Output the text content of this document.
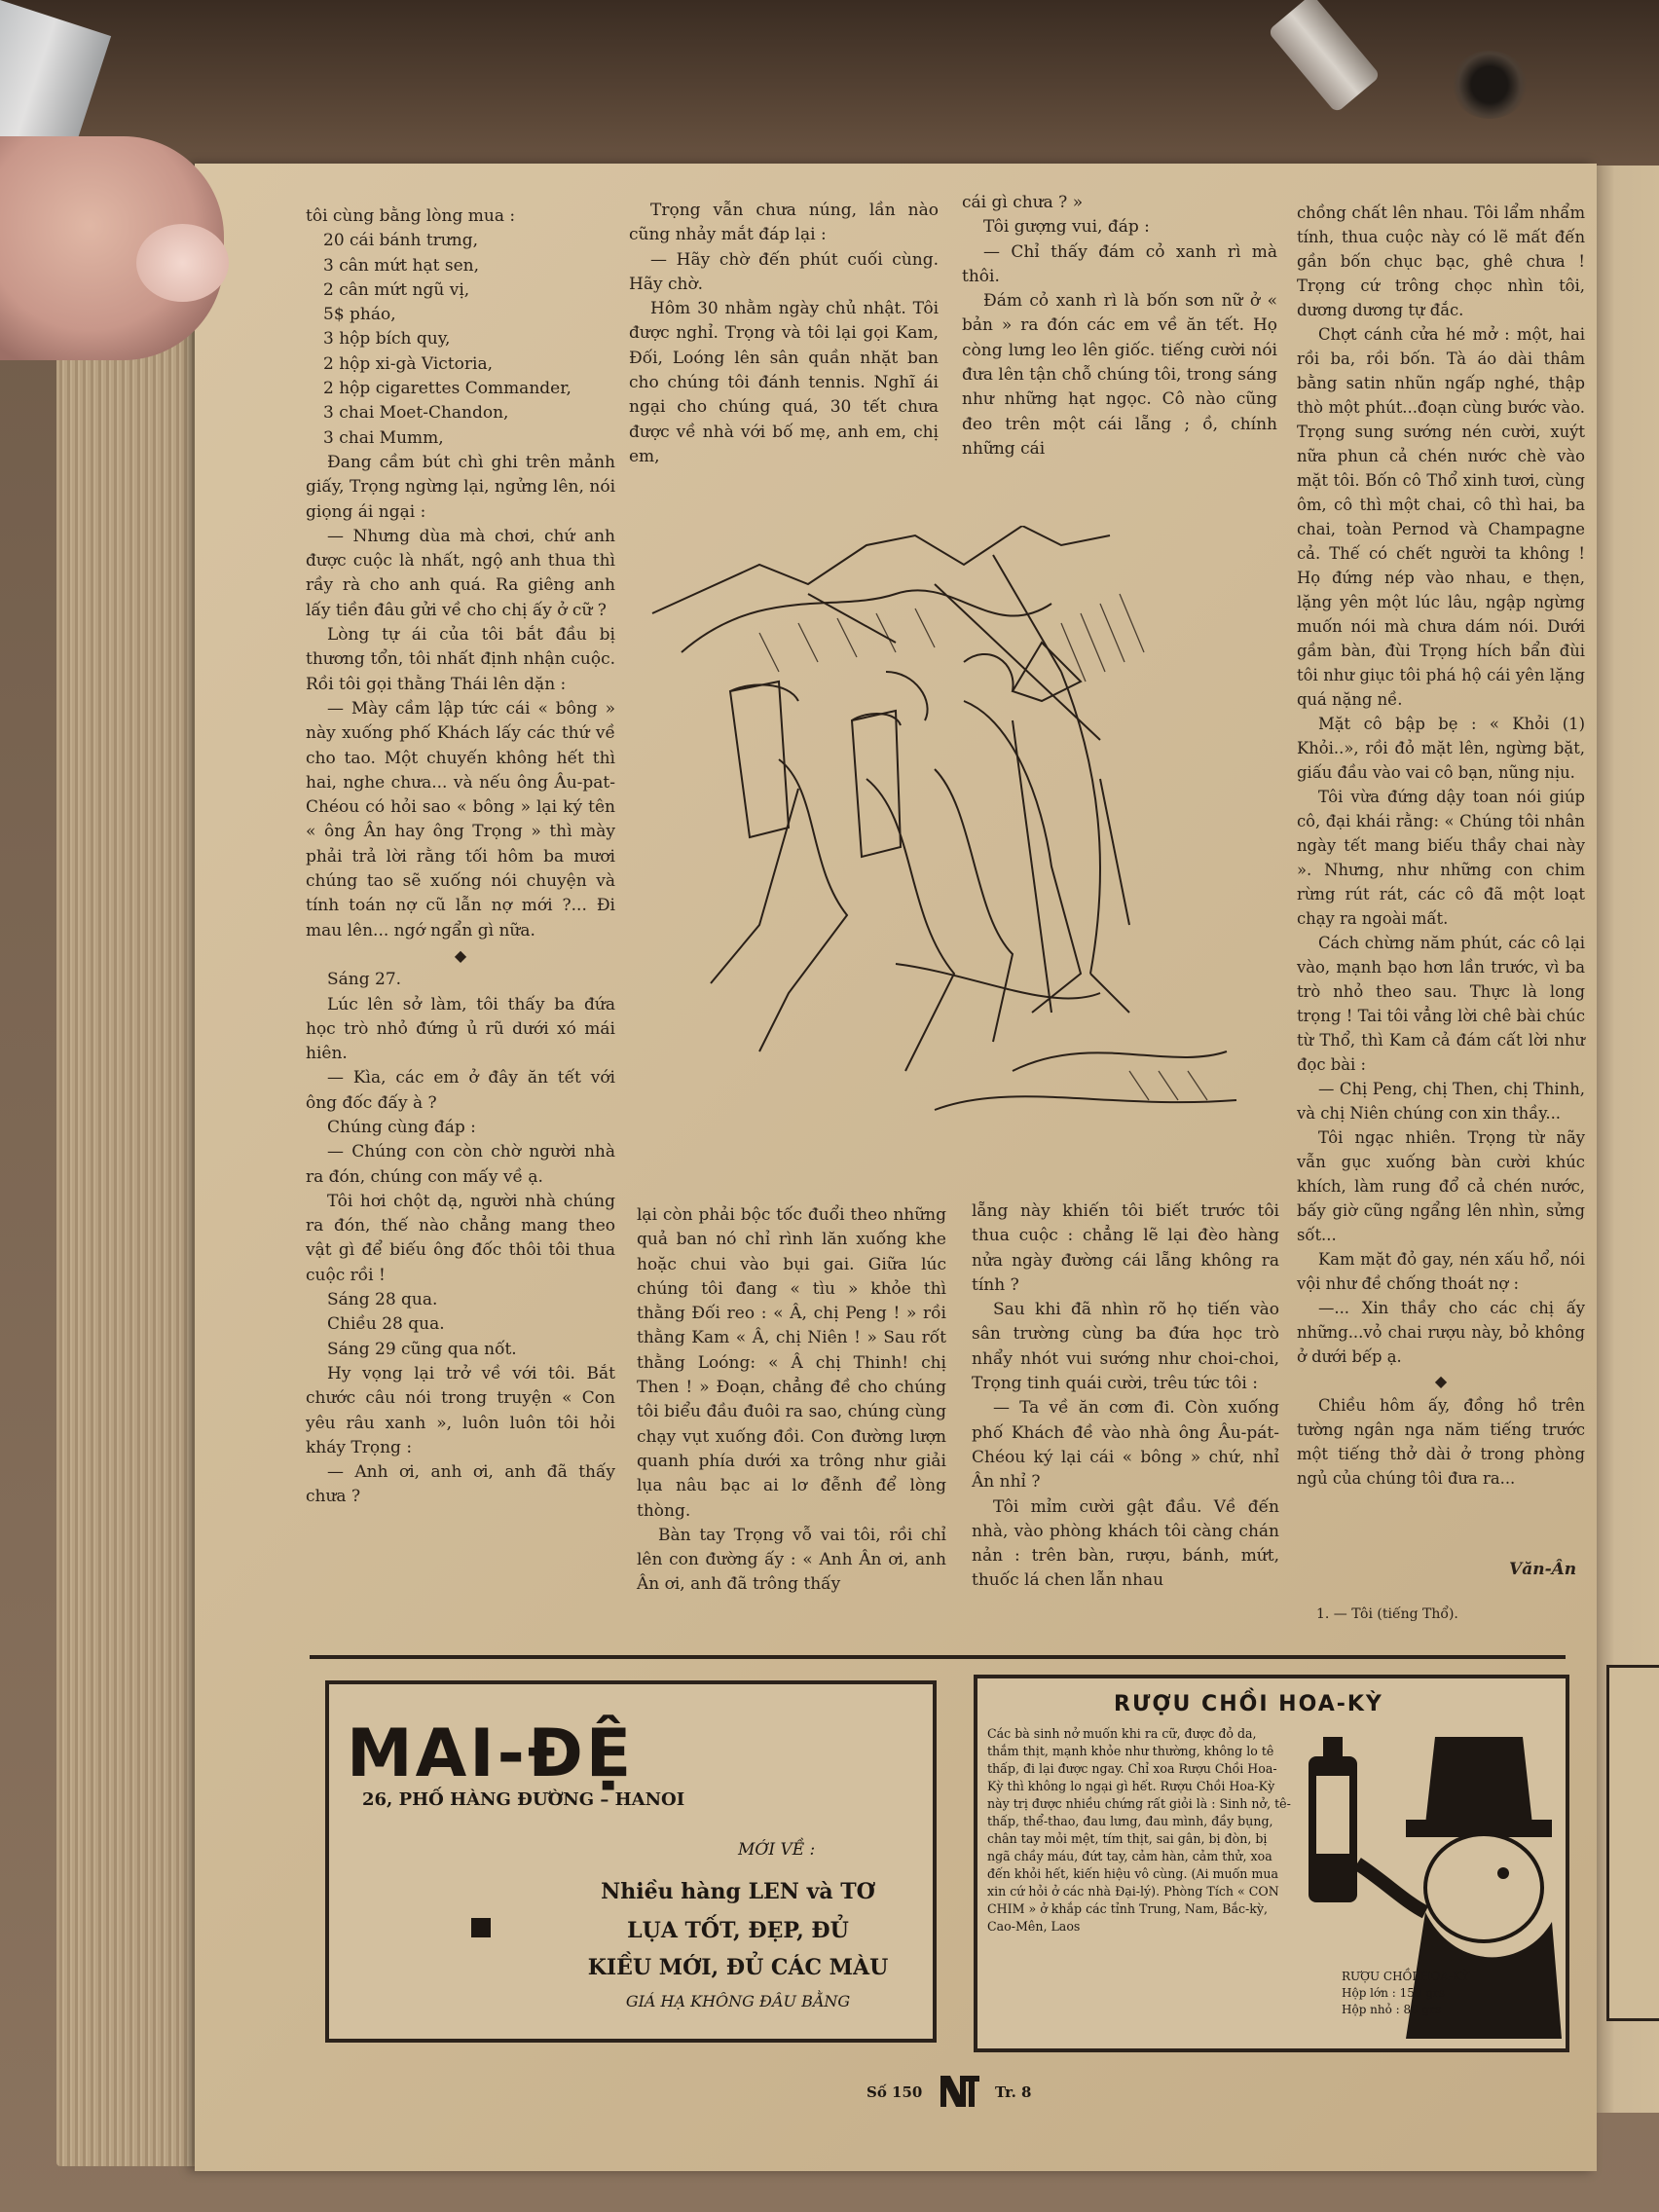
tôi cùng bằng lòng mua :

20 cái bánh trưng,

3 cân mứt hạt sen,

2 cân mứt ngũ vị,

5$ pháo,

3 hộp bích quy,

2 hộp xi-gà Victoria,

2 hộp cigarettes Commander,

3 chai Moet-Chandon,

3 chai Mumm,

Đang cầm bút chì ghi trên mảnh giấy, Trọng ngừng lại, ngửng lên, nói giọng ái ngại :

— Nhưng dùa mà chơi, chứ anh được cuộc là nhất, ngộ anh thua thì rầy rà cho anh quá. Ra giêng anh lấy tiền đâu gửi về cho chị ấy ở cữ ?

Lòng tự ái của tôi bắt đầu bị thương tổn, tôi nhất định nhận cuộc. Rồi tôi gọi thằng Thái lên dặn :

— Mày cầm lập tức cái « bông » này xuống phố Khách lấy các thứ về cho tao. Một chuyến không hết thì hai, nghe chưa... và nếu ông Âu-pat-Chéou có hỏi sao « bông » lại ký tên « ông Ân hay ông Trọng » thì mày phải trả lời rằng tối hôm ba mươi chúng tao sẽ xuống nói chuyện và tính toán nợ cũ lẫn nợ mới ?... Đi mau lên... ngớ ngẩn gì nữa.

◆

Sáng 27.

Lúc lên sở làm, tôi thấy ba đứa học trò nhỏ đứng ủ rũ dưới xó mái hiên.

— Kìa, các em ở đây ăn tết với ông đốc đấy à ?

Chúng cùng đáp :

— Chúng con còn chờ người nhà ra đón, chúng con mấy về ạ.

Tôi hơi chột dạ, người nhà chúng ra đón, thế nào chẳng mang theo vật gì để biếu ông đốc thôi tôi thua cuộc rồi !

Sáng 28 qua.

Chiều 28 qua.

Sáng 29 cũng qua nốt.

Hy vọng lại trở về với tôi. Bắt chước câu nói trong truyện « Con yêu râu xanh », luôn luôn tôi hỏi kháy Trọng :

— Anh ơi, anh ơi, anh đã thấy chưa ?

Trọng vẫn chưa núng, lần nào cũng nhảy mắt đáp lại :

— Hãy chờ đến phút cuối cùng. Hãy chờ.

Hôm 30 nhằm ngày chủ nhật. Tôi được nghỉ. Trọng và tôi lại gọi Kam, Đối, Loóng lên sân quần nhặt ban cho chúng tôi đánh tennis. Nghĩ ái ngại cho chúng quá, 30 tết chưa được về nhà với bố mẹ, anh em, chị em,

cái gì chưa ? »

Tôi gượng vui, đáp :

— Chỉ thấy đám cỏ xanh rì mà thôi.

Đám cỏ xanh rì là bốn sơn nữ ở « bản » ra đón các em về ăn tết. Họ còng lưng leo lên giốc. tiếng cười nói đưa lên tận chỗ chúng tôi, trong sáng như những hạt ngọc. Cô nào cũng đeo trên một cái lẵng ; ồ, chính những cái

lại còn phải bộc tốc đuổi theo những quả ban nó chỉ rình lăn xuống khe hoặc chui vào bụi gai. Giữa lúc chúng tôi đang « tìu » khỏe thì thằng Đối reo : « Â, chị Peng ! » rồi thằng Kam « Â, chị Niên ! » Sau rốt thằng Loóng: « Â chị Thinh! chị Then ! » Đoạn, chẳng đề cho chúng tôi biểu đầu đuôi ra sao, chúng cùng chạy vụt xuống đồi. Con đường lượn quanh phía dưới xa trông như giải lụa nâu bạc ai lơ đễnh để lòng thòng.

Bàn tay Trọng vỗ vai tôi, rồi chỉ lên con đường ấy : « Anh Ân ơi, anh Ân ơi, anh đã trông thấy

lẵng này khiến tôi biết trước tôi thua cuộc : chẳng lẽ lại đèo hàng nửa ngày đường cái lẵng không ra tính ?

Sau khi đã nhìn rõ họ tiến vào sân trường cùng ba đứa học trò nhẩy nhót vui sướng như choi-choi, Trọng tinh quái cười, trêu tức tôi :

— Ta về ăn cơm đi. Còn xuống phố Khách đề vào nhà ông Âu-pát-Chéou ký lại cái « bông » chứ, nhỉ Ân nhỉ ?

Tôi mỉm cười gật đầu. Về đến nhà, vào phòng khách tôi càng chán nản : trên bàn, rượu, bánh, mứt, thuốc lá chen lẫn nhau

chồng chất lên nhau. Tôi lẩm nhẩm tính, thua cuộc này có lẽ mất đến gần bốn chục bạc, ghê chưa ! Trọng cứ trông chọc nhìn tôi, dương dương tự đắc.

Chợt cánh cửa hé mở : một, hai rồi ba, rồi bốn. Tà áo dài thâm bằng satin nhũn ngấp nghé, thập thò một phút...đoạn cùng bước vào. Trọng sung sướng nén cười, xuýt nữa phun cả chén nước chè vào mặt tôi. Bốn cô Thổ xinh tươi, cùng ôm, cô thì một chai, cô thì hai, ba chai, toàn Pernod và Champagne cả. Thế có chết người ta không ! Họ đứng nép vào nhau, e thẹn, lặng yên một lúc lâu, ngập ngừng muốn nói mà chưa dám nói. Dưới gầm bàn, đùi Trọng hích bẩn đùi tôi như giục tôi phá hộ cái yên lặng quá nặng nề.

Mặt cô bập bẹ : « Khỏi (1) Khỏi..», rồi đỏ mặt lên, ngừng bặt, giấu đầu vào vai cô bạn, nũng nịu.

Tôi vừa đứng dậy toan nói giúp cô, đại khái rằng: « Chúng tôi nhân ngày tết mang biếu thầy chai này ». Nhưng, như những con chim rừng rút rát, các cô đã một loạt chạy ra ngoài mất.

Cách chừng năm phút, các cô lại vào, mạnh bạo hơn lần trước, vì ba trò nhỏ theo sau. Thực là long trọng ! Tai tôi vẳng lời chê bài chúc từ Thổ, thì Kam cả đám cất lời như đọc bài :

— Chị Peng, chị Then, chị Thinh, và chị Niên chúng con xin thầy...

Tôi ngạc nhiên. Trọng từ nãy vẫn gục xuống bàn cười khúc khích, làm rung đổ cả chén nước, bấy giờ cũng ngẩng lên nhìn, sửng sốt...

Kam mặt đỏ gay, nén xấu hổ, nói vội như đề chống thoát nợ :

—... Xin thầy cho các chị ấy những...vỏ chai rượu này, bỏ không ở dưới bếp ạ.

◆

Chiều hôm ấy, đồng hồ trên tường ngân nga năm tiếng trước một tiếng thở dài ở trong phòng ngủ của chúng tôi đưa ra...

Văn-Ân
1. — Tôi (tiếng Thổ).
MAI-ĐỆ
26, PHỐ HÀNG ĐƯỜNG – HANOI
MỚI VỀ :
Nhiều hàng LEN và TƠ
LỤA TỐT, ĐẸP, ĐỦ
KIỀU MỚI, ĐỦ CÁC MÀU
GIÁ HẠ KHÔNG ĐÂU BẰNG
RƯỢU CHỒI HOA-KỲ
Các bà sinh nở muốn khi ra cữ, được đỏ da, thắm thịt, mạnh khỏe như thường, không lo tê thấp, đi lại được ngay. Chỉ xoa Rượu Chồi Hoa-Kỳ thì không lo ngại gì hết. Rượu Chồi Hoa-Kỳ này trị được nhiều chứng rất giỏi là : Sinh nở, tê-thấp, thể-thao, đau lưng, đau mình, đầy bụng, chân tay mỏi mệt, tím thịt, sai gân, bị đòn, bị ngã chầy máu, đứt tay, cảm hàn, cảm thử, xoa đến khỏi hết, kiến hiệu vô cùng. (Ai muốn mua xin cứ hỏi ở các nhà Đại-lý). Phòng Tích « CON CHIM » ở khắp các tỉnh Trung, Nam, Bắc-kỳ, Cao-Mên, Laos
RƯỢU CHỒI HOA-KỲ
Hộp lớn : 150 grs
Hộp nhỏ : 80 grs
Số 150	Tr. 8
